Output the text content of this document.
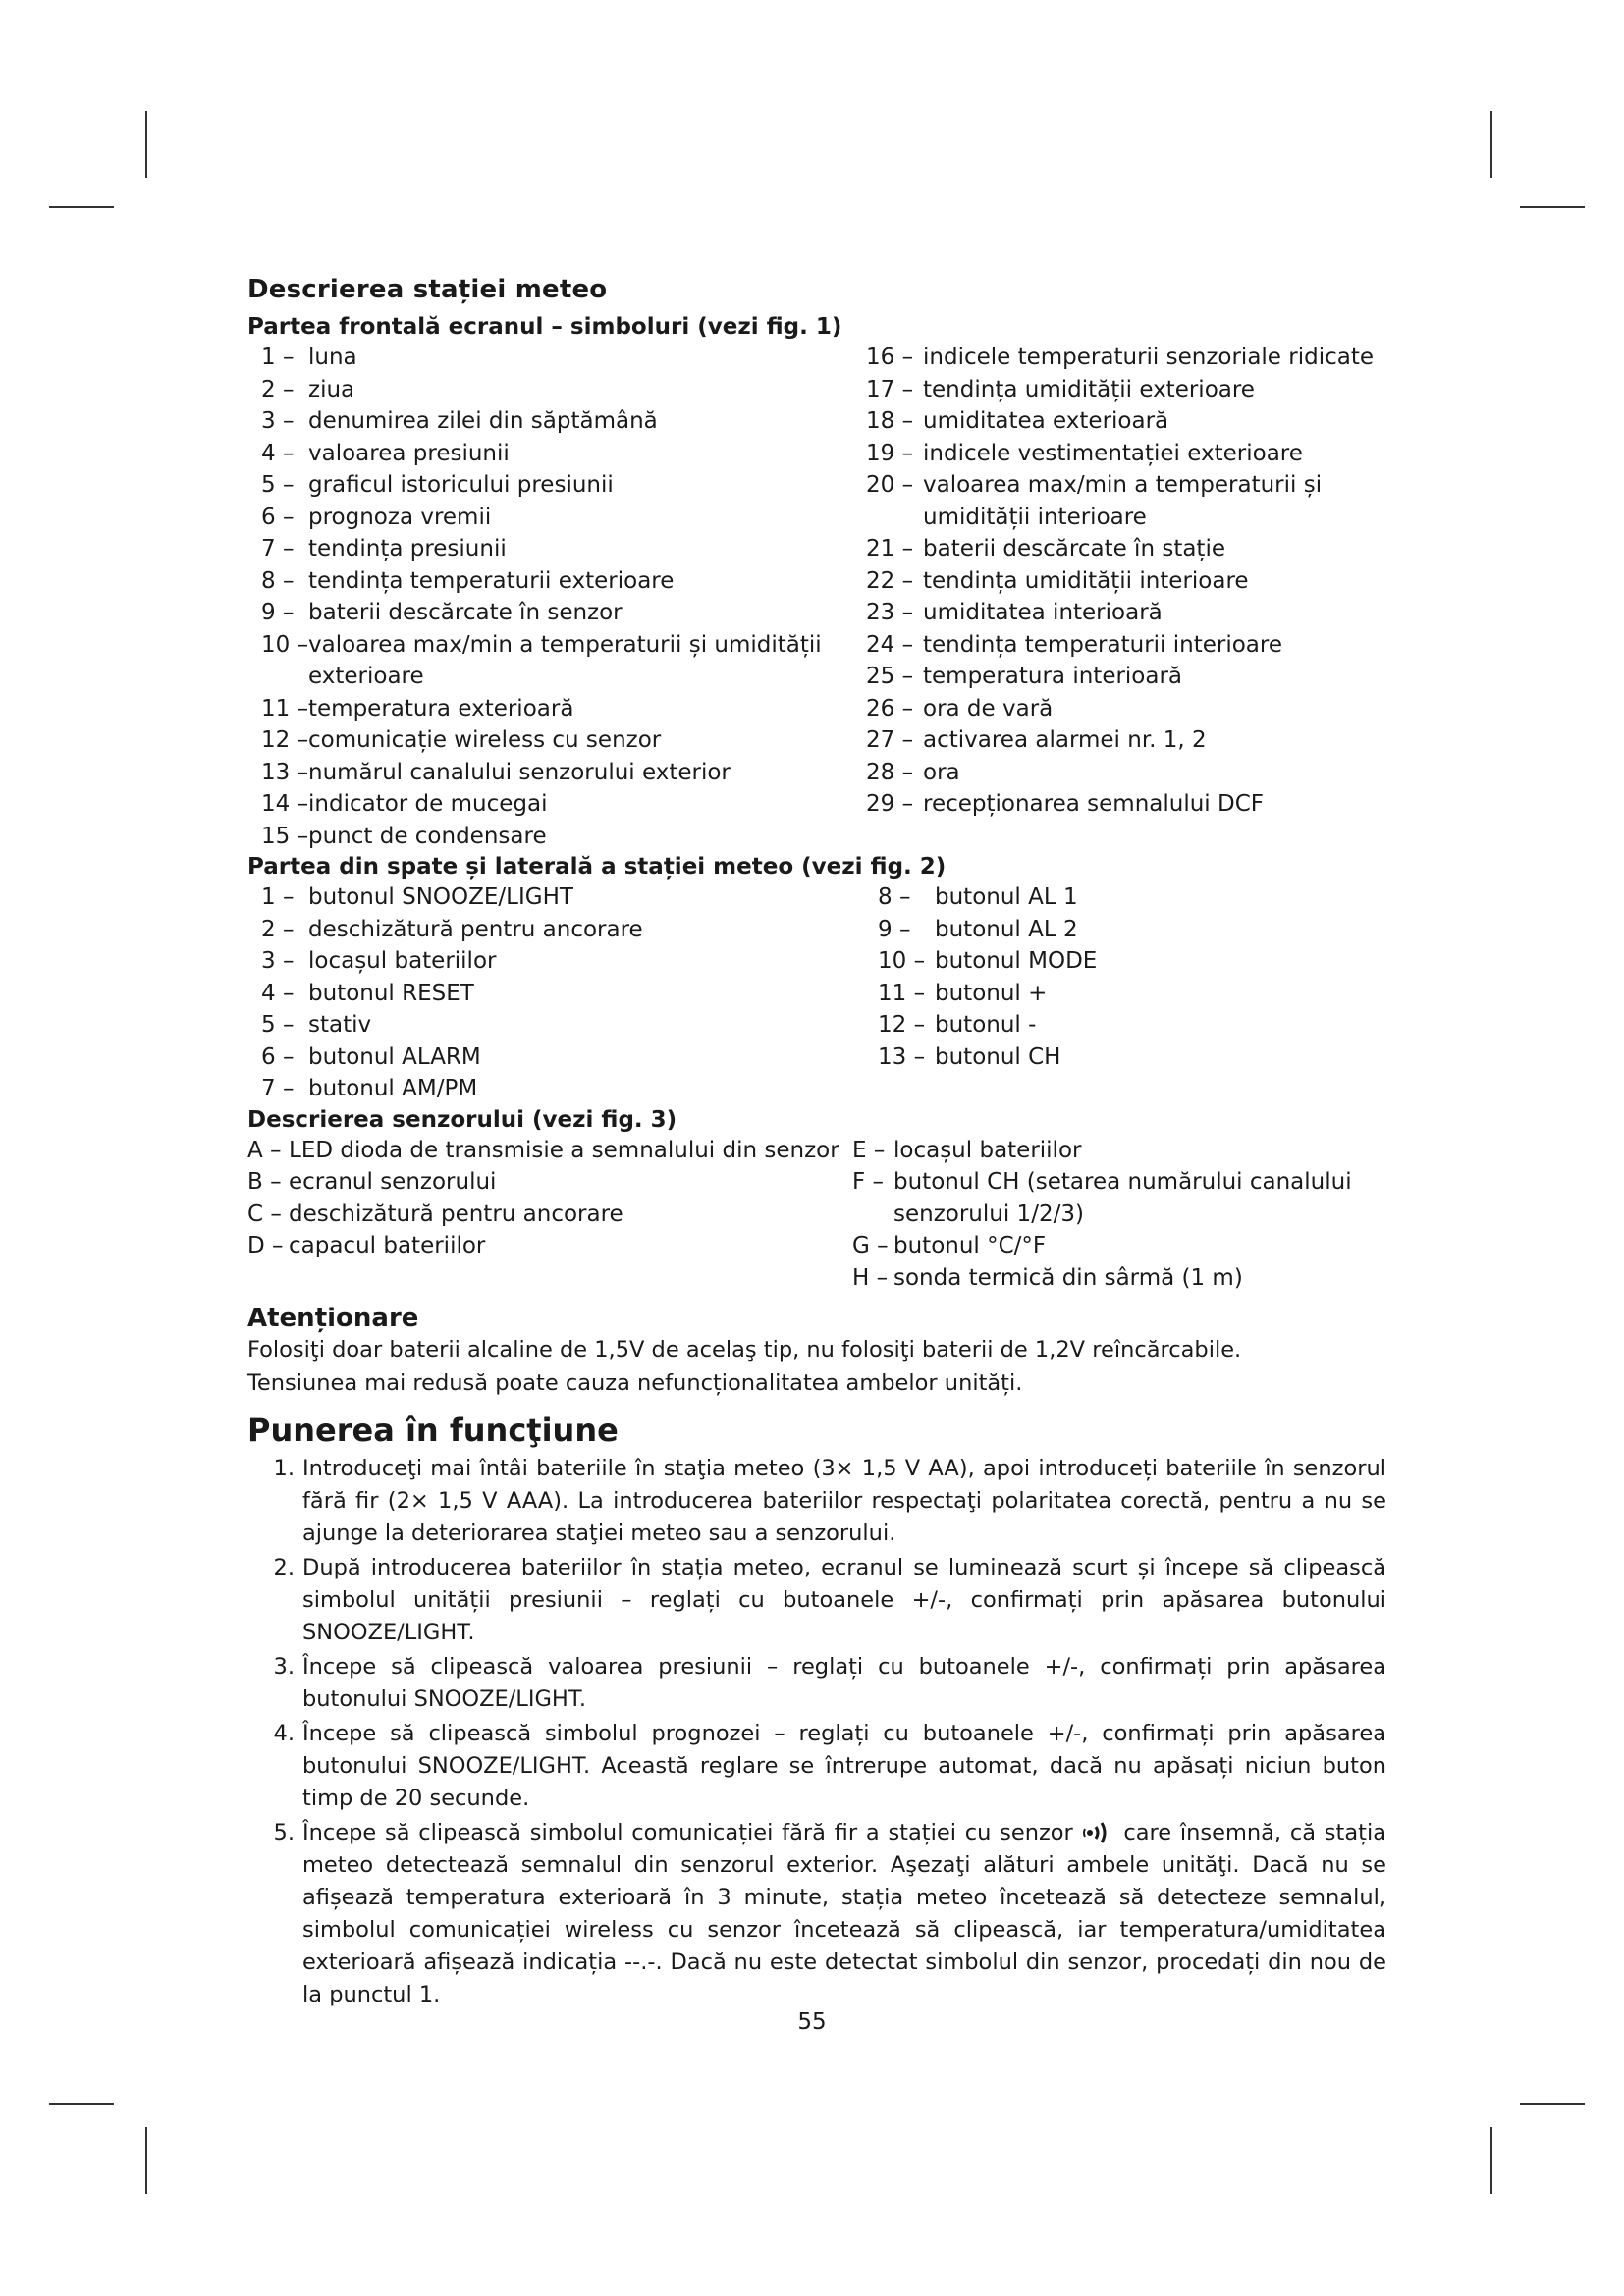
Descrierea stației meteo
Partea frontală ecranul – simboluri (vezi fig. 1)
1 – luna
2 – ziua
3 – denumirea zilei din săptămână
4 – valoarea presiunii
5 – graficul istoricului presiunii
6 – prognoza vremii
7 – tendința presiunii
8 – tendința temperaturii exterioare
9 – baterii descărcate în senzor
10 – valoarea max/min a temperaturii și umidității exterioare
11 – temperatura exterioară
12 – comunicație wireless cu senzor
13 – numărul canalului senzorului exterior
14 – indicator de mucegai
15 – punct de condensare
16 – indicele temperaturii senzoriale ridicate
17 – tendința umidității exterioare
18 – umiditatea exterioară
19 – indicele vestimentației exterioare
20 – valoarea max/min a temperaturii și umidității interioare
21 – baterii descărcate în stație
22 – tendința umidității interioare
23 – umiditatea interioară
24 – tendința temperaturii interioare
25 – temperatura interioară
26 – ora de vară
27 – activarea alarmei nr. 1, 2
28 – ora
29 – recepționarea semnalului DCF
Partea din spate și laterală a stației meteo (vezi fig. 2)
1 – butonul SNOOZE/LIGHT
2 – deschizătură pentru ancorare
3 – locașul bateriilor
4 – butonul RESET
5 – stativ
6 – butonul ALARM
7 – butonul AM/PM
8 –	butonul AL 1
9 –	butonul AL 2
10 – butonul MODE
11 – butonul +
12 – butonul -
13 – butonul CH
Descrierea senzorului (vezi fig. 3)
A – LED dioda de transmisie a semnalului din senzor
B – ecranul senzorului
C – deschizătură pentru ancorare
D – capacul bateriilor
E – locașul bateriilor
F – butonul CH (setarea numărului canalului senzorului 1/2/3)
G – butonul °C/°F
H – sonda termică din sârmă (1 m)
Atenționare
Folosiţi doar baterii alcaline de 1,5V de acelaş tip, nu folosiţi baterii de 1,2V reîncărcabile.
Tensiunea mai redusă poate cauza nefuncționalitatea ambelor unități.
Punerea în funcţiune
1. Introduceţi mai întâi bateriile în staţia meteo (3× 1,5 V AA), apoi introduceți bateriile în senzorul fără fir (2× 1,5 V AAA). La introducerea bateriilor respectaţi polaritatea corectă, pentru a nu se ajunge la deteriorarea staţiei meteo sau a senzorului.
2. După introducerea bateriilor în stația meteo, ecranul se luminează scurt și începe să clipească simbolul unității presiunii – reglați cu butoanele +/-, confirmați prin apăsarea butonului SNOOZE/LIGHT.
3. Începe să clipească valoarea presiunii – reglați cu butoanele +/-, confirmați prin apăsarea butonului SNOOZE/LIGHT.
4. Începe să clipească simbolul prognozei – reglați cu butoanele +/-, confirmați prin apăsarea butonului SNOOZE/LIGHT. Această reglare se întrerupe automat, dacă nu apăsați niciun buton timp de 20 secunde.
5. Începe să clipească simbolul comunicației fără fir a stației cu senzor care însemnă, că stația meteo detectează semnalul din senzorul exterior. Aşezaţi alături ambele unităţi. Dacă nu se afișează temperatura exterioară în 3 minute, stația meteo încetează să detecteze semnalul, simbolul comunicației wireless cu senzor încetează să clipească, iar temperatura/umiditatea exterioară afișează indicația --.-. Dacă nu este detectat simbolul din senzor, procedați din nou de la punctul 1.
55
